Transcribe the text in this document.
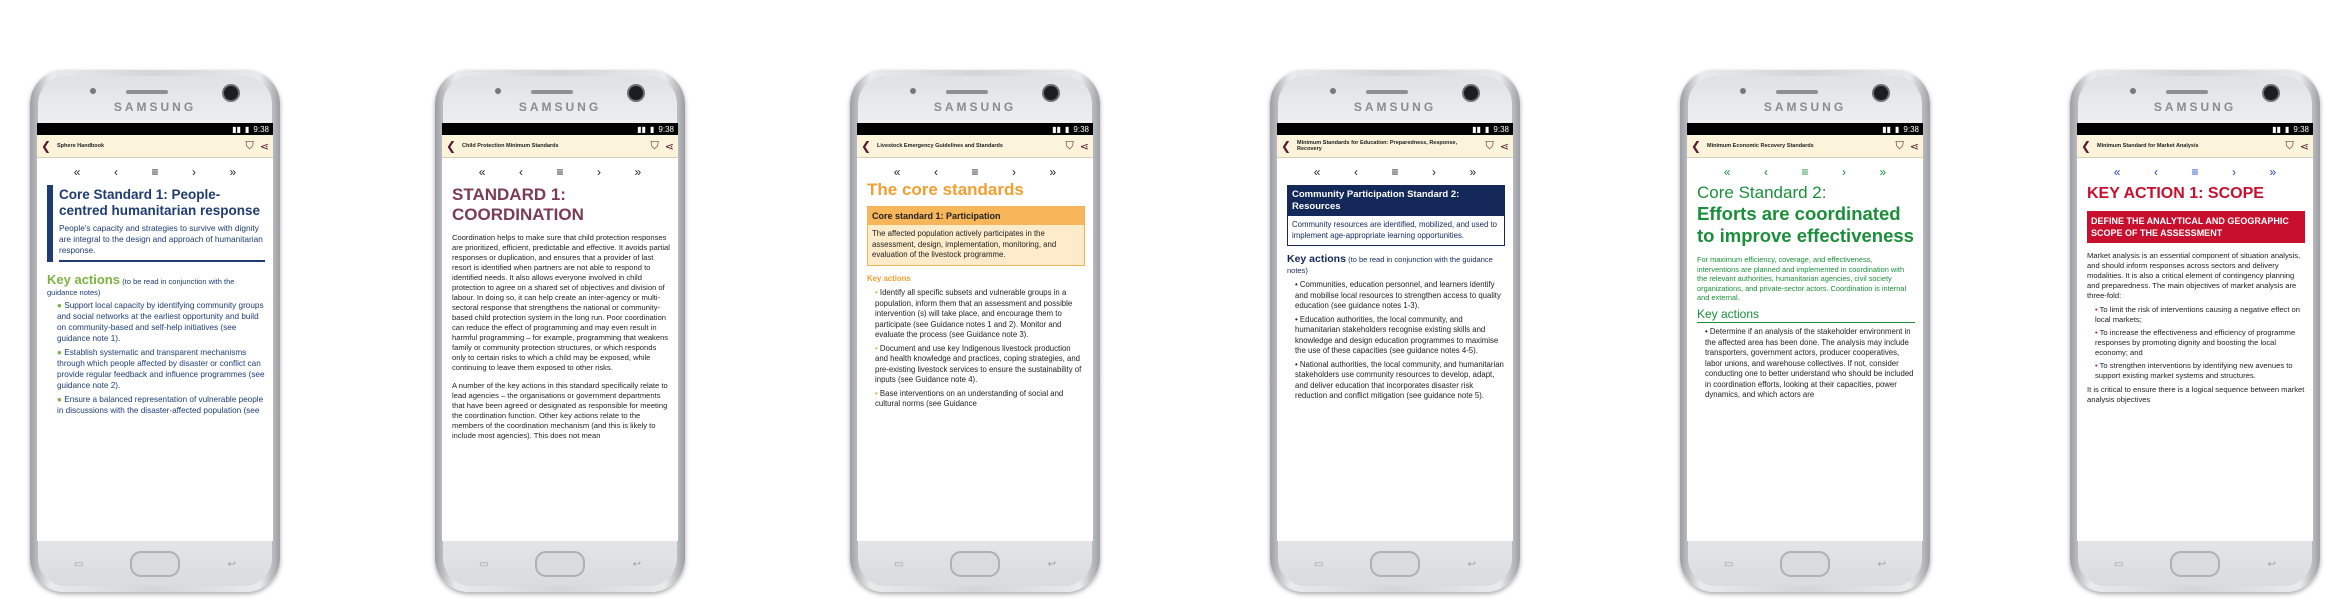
SAMSUNG
▮▮ ▮ 9:38
❮ Sphere Handbook	⛉ ⋖
«	‹	≡	›	»
Core Standard 1: People-centred humanitarian response
People's capacity and strategies to survive with dignity are integral to the design and approach of humanitarian response.
Key actions (to be read in conjunction with the guidance notes)
● Support local capacity by identifying community groups and social networks at the earliest opportunity and build on community-based and self-help initiatives (see guidance note 1).
● Establish systematic and transparent mechanisms through which people affected by disaster or conflict can provide regular feedback and influence programmes (see guidance note 2).
● Ensure a balanced representation of vulnerable people in discussions with the disaster-affected population (see
▭	↩
SAMSUNG
▮▮ ▮ 9:38
❮ Child Protection Minimum Standards	⛉ ⋖
«	‹	≡	›	»
STANDARD 1: COORDINATION

Coordination helps to make sure that child protection responses are prioritized, efficient, predictable and effective. It avoids partial responses or duplication, and ensures that a provider of last resort is identified when partners are not able to respond to identified needs. It also allows everyone involved in child protection to agree on a shared set of objectives and division of labour. In doing so, it can help create an inter-agency or multi-sectoral response that strengthens the national or community-based child protection system in the long run. Poor coordination can reduce the effect of programming and may even result in harmful programming – for example, programming that weakens family or community protection structures, or which responds only to certain risks to which a child may be exposed, while continuing to leave them exposed to other risks.

A number of the key actions in this standard specifically relate to lead agencies – the organisations or government departments that have been agreed or designated as responsible for meeting the coordination function. Other key actions relate to the members of the coordination mechanism (and this is likely to include most agencies). This does not mean

▭	↩
SAMSUNG
▮▮ ▮ 9:38
❮ Livestock Emergency Guidelines and Standards	⛉ ⋖
«	‹	≡	›	»
The core standards
Core standard 1: Participation
The affected population actively participates in the assessment, design, implementation, monitoring, and evaluation of the livestock programme.
Key actions
• Identify all specific subsets and vulnerable groups in a population, inform them that an assessment and possible intervention (s) will take place, and encourage them to participate (see Guidance notes 1 and 2). Monitor and evaluate the process (see Guidance note 3).
• Document and use key Indigenous livestock production and health knowledge and practices, coping strategies, and pre-existing livestock services to ensure the sustainability of inputs (see Guidance note 4).
• Base interventions on an understanding of social and cultural norms (see Guidance
▭	↩
SAMSUNG
▮▮ ▮ 9:38
❮ Minimum Standards for Education: Preparedness, Response, Recovery	⛉ ⋖
«	‹	≡	›	»
Community Participation Standard 2: Resources
Community resources are identified, mobilized, and used to implement age-appropriate learning opportunities.
Key actions (to be read in conjunction with the guidance notes)
• Communities, education personnel, and learners identify and mobilise local resources to strengthen access to quality education (see guidance notes 1-3).
• Education authorities, the local community, and humanitarian stakeholders recognise existing skills and knowledge and design education programmes to maximise the use of these capacities (see guidance notes 4-5).
• National authorities, the local community, and humanitarian stakeholders use community resources to develop, adapt, and deliver education that incorporates disaster risk reduction and conflict mitigation (see guidance note 5).
▭	↩
SAMSUNG
▮▮ ▮ 9:38
❮ Minimum Economic Recovery Standards	⛉ ⋖
«	‹	≡	›	»
Core Standard 2:
Efforts are coordinated to improve effectiveness
For maximum efficiency, coverage, and effectiveness, interventions are planned and implemented in coordination with the relevant authorities, humanitarian agencies, civil society organizations, and private-sector actors. Coordination is internal and external.
Key actions
• Determine if an analysis of the stakeholder environment in the affected area has been done. The analysis may include transporters, government actors, producer cooperatives, labor unions, and warehouse collectives. If not, consider conducting one to better understand who should be included in coordination efforts, looking at their capacities, power dynamics, and which actors are
▭	↩
SAMSUNG
▮▮ ▮ 9:38
❮ Minimum Standard for Market Analysis	⛉ ⋖
«	‹	≡	›	»
KEY ACTION 1: SCOPE
DEFINE THE ANALYTICAL AND GEOGRAPHIC SCOPE OF THE ASSESSMENT

Market analysis is an essential component of situation analysis, and should inform responses across sectors and delivery modalities. It is also a critical element of contingency planning and preparedness. The main objectives of market analysis are three-fold:

• To limit the risk of interventions causing a negative effect on local markets;
• To increase the effectiveness and efficiency of programme responses by promoting dignity and boosting the local economy; and
• To strengthen interventions by identifying new avenues to support existing market systems and structures.

It is critical to ensure there is a logical sequence between market analysis objectives

▭	↩
